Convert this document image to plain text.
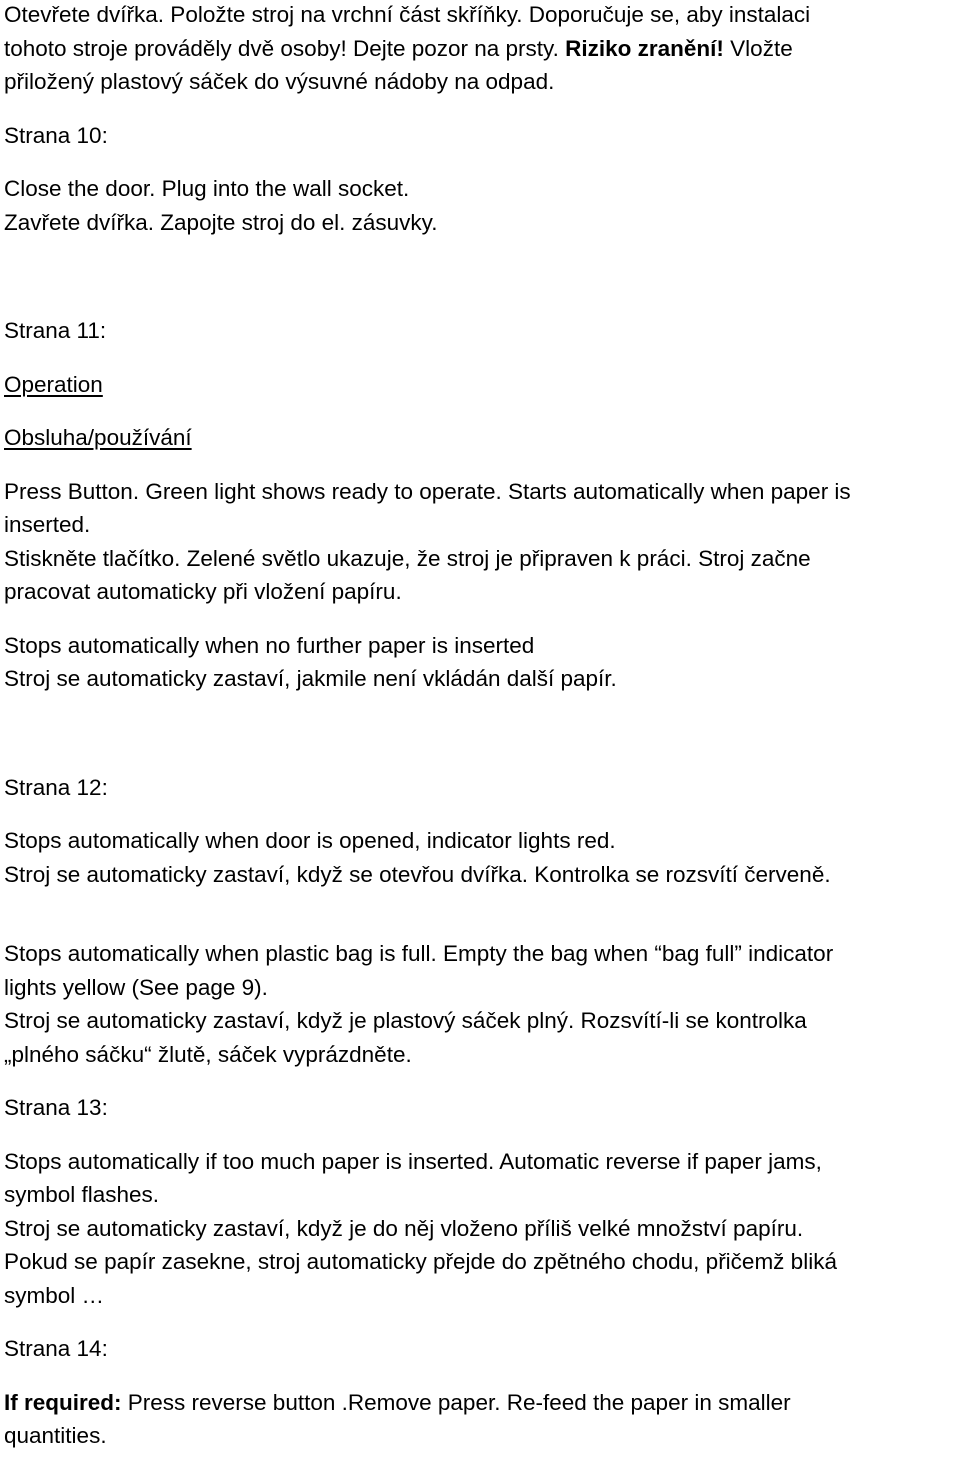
Otevřete dvířka. Položte stroj na vrchní část skříňky. Doporučuje se, aby instalaci
tohoto stroje prováděly dvě osoby! Dejte pozor na prsty. Riziko zranění! Vložte
přiložený plastový sáček do výsuvné nádoby na odpad.
Strana 10:
Close the door. Plug into the wall socket.
Zavřete dvířka. Zapojte stroj do el. zásuvky.
Strana 11:
Operation
Obsluha/používání
Press Button. Green light shows ready to operate. Starts automatically when paper is
inserted.
Stiskněte tlačítko. Zelené světlo ukazuje, že stroj je připraven k práci. Stroj začne
pracovat automaticky při vložení papíru.
Stops automatically when no further paper is inserted
Stroj se automaticky zastaví, jakmile není vkládán další papír.
Strana 12:
Stops automatically when door is opened, indicator lights red.
Stroj se automaticky zastaví, když se otevřou dvířka. Kontrolka se rozsvítí červeně.
Stops automatically when plastic bag is full. Empty the bag when “bag full” indicator
lights yellow (See page 9).
Stroj se automaticky zastaví, když je plastový sáček plný. Rozsvítí-li se kontrolka
„plného sáčku“ žlutě, sáček vyprázdněte.
Strana 13:
Stops automatically if too much paper is inserted. Automatic reverse if paper jams,
symbol flashes.
Stroj se automaticky zastaví, když je do něj vloženo příliš velké množství papíru.
Pokud se papír zasekne, stroj automaticky přejde do zpětného chodu, přičemž bliká
symbol …
Strana 14:
If required: Press reverse button .Remove paper. Re-feed the paper in smaller
quantities.
